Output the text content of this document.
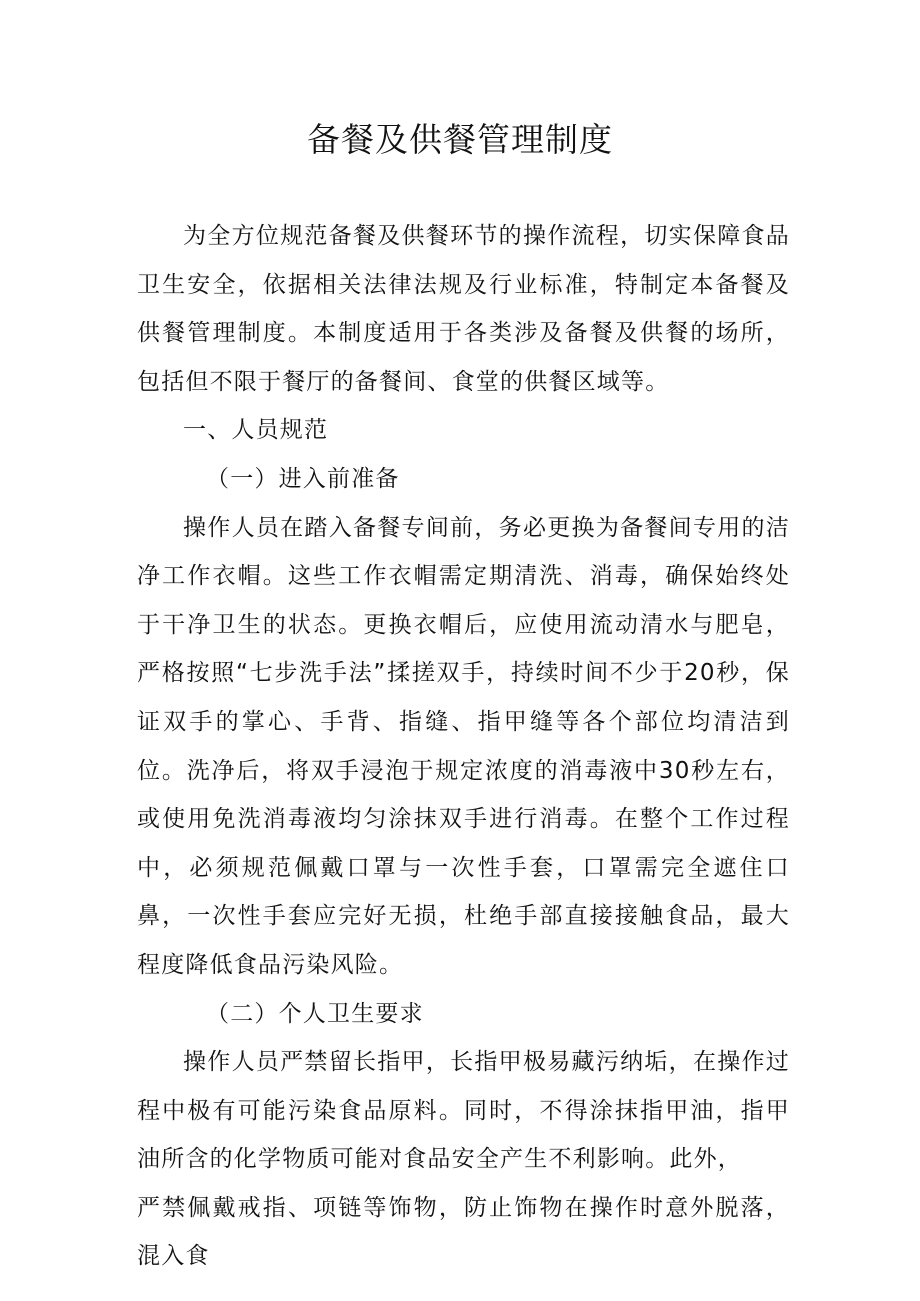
备餐及供餐管理制度

为全方位规范备餐及供餐环节的操作流程，切实保障食品卫生安全，依据相关法律法规及行业标准，特制定本备餐及供餐管理制度。本制度适用于各类涉及备餐及供餐的场所，包括但不限于餐厅的备餐间、食堂的供餐区域等。

一、人员规范

（一）进入前准备

操作人员在踏入备餐专间前，务必更换为备餐间专用的洁净工作衣帽。这些工作衣帽需定期清洗、消毒，确保始终处于干净卫生的状态。更换衣帽后，应使用流动清水与肥皂，严格按照“七步洗手法”揉搓双手，持续时间不少于20秒，保证双手的掌心、手背、指缝、指甲缝等各个部位均清洁到位。洗净后，将双手浸泡于规定浓度的消毒液中30秒左右，或使用免洗消毒液均匀涂抹双手进行消毒。在整个工作过程中，必须规范佩戴口罩与一次性手套，口罩需完全遮住口鼻，一次性手套应完好无损，杜绝手部直接接触食品，最大程度降低食品污染风险。

（二）个人卫生要求

操作人员严禁留长指甲，长指甲极易藏污纳垢，在操作过程中极有可能污染食品原料。同时，不得涂抹指甲油，指甲油所含的化学物质可能对食品安全产生不利影响。此外，

严禁佩戴戒指、项链等饰物，防止饰物在操作时意外脱落，混入食
